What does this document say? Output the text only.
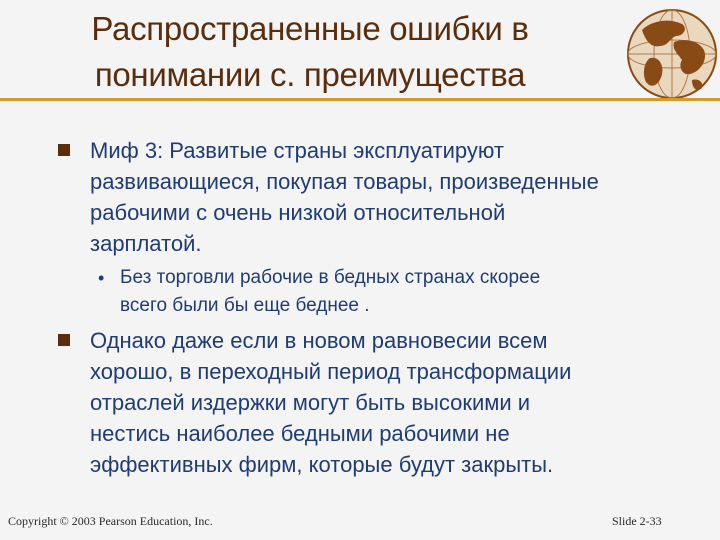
Распространенные ошибки в
понимании с. преимущества
Миф 3: Развитые страны эксплуатируют
развивающиеся, покупая товары, произведенные
рабочими с очень низкой относительной
зарплатой.
• Без торговли рабочие в бедных странах скорее
всего были бы еще беднее .
Однако даже если в новом равновесии всем
хорошо, в переходный период трансформации
отраслей издержки могут быть высокими и
нестись наиболее бедными рабочими не
эффективных фирм, которые будут закрыты.
Copyright © 2003 Pearson Education, Inc.	Slide 2-33
